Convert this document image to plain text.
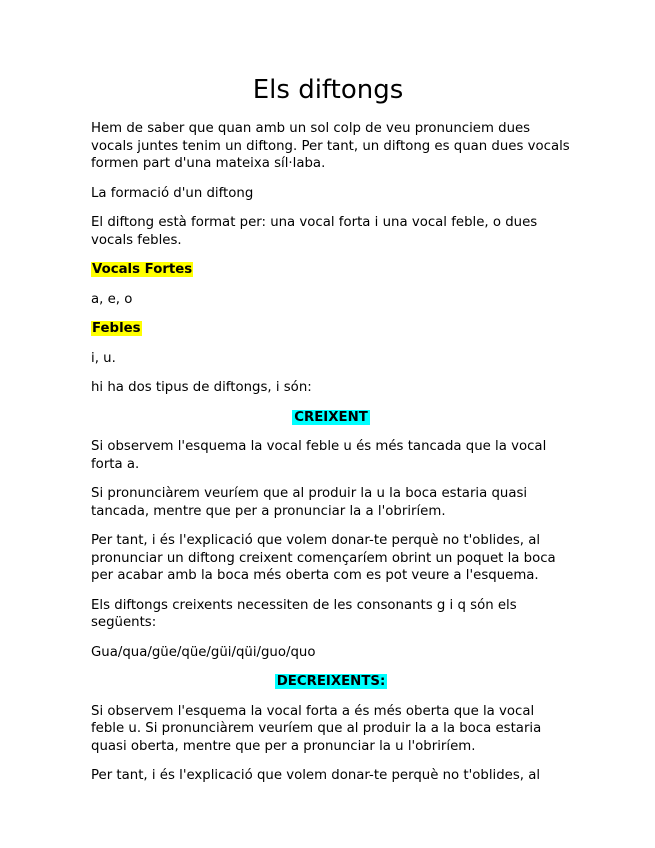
Els diftongs

Hem de saber que quan amb un sol colp de veu pronunciem dues vocals juntes tenim un diftong. Per tant, un diftong es quan dues vocals formen part d'una mateixa síl·laba.

La formació d'un diftong

El diftong està format per: una vocal forta i una vocal feble, o dues vocals febles.

Vocals Fortes

a, e, o

Febles

i, u.

hi ha dos tipus de diftongs, i són:

CREIXENT

Si observem l'esquema la vocal feble u és més tancada que la vocal forta a.

Si pronunciàrem veuríem que al produir la u la boca estaria quasi tancada, mentre que per a pronunciar la a l'obriríem.

Per tant, i és l'explicació que volem donar-te perquè no t'oblides, al pronunciar un diftong creixent començaríem obrint un poquet la boca per acabar amb la boca més oberta com es pot veure a l'esquema.

Els diftongs creixents necessiten de les consonants g i q són els següents:

Gua/qua/güe/qüe/güi/qüi/guo/quo

DECREIXENTS:

Si observem l'esquema la vocal forta a és més oberta que la vocal feble u. Si pronunciàrem veuríem que al produir la a la boca estaria quasi oberta, mentre que per a pronunciar la u l'obriríem.

Per tant, i és l'explicació que volem donar-te perquè no t'oblides, al
